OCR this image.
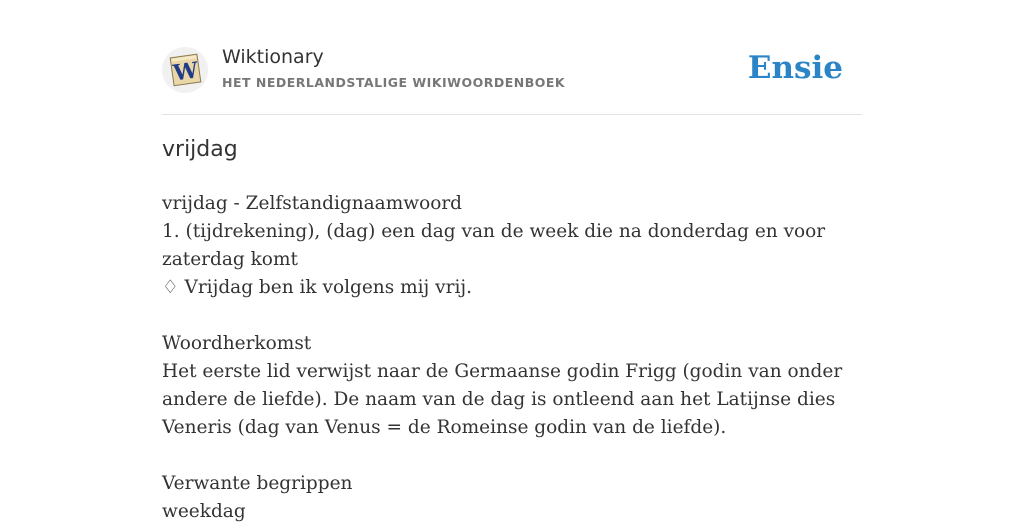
W
Wiktionary
HET NEDERLANDSTALIGE WIKIWOORDENBOEK	Ensie
vrijdag
vrijdag - Zelfstandignaamwoord
1. (tijdrekening), (dag) een dag van de week die na donderdag en voor zaterdag komt
♢ Vrijdag ben ik volgens mij vrij.
Woordherkomst
Het eerste lid verwijst naar de Germaanse godin Frigg (godin van onder andere de liefde). De naam van de dag is ontleend aan het Latijnse dies Veneris (dag van Venus = de Romeinse godin van de liefde).
Verwante begrippen
weekdag
